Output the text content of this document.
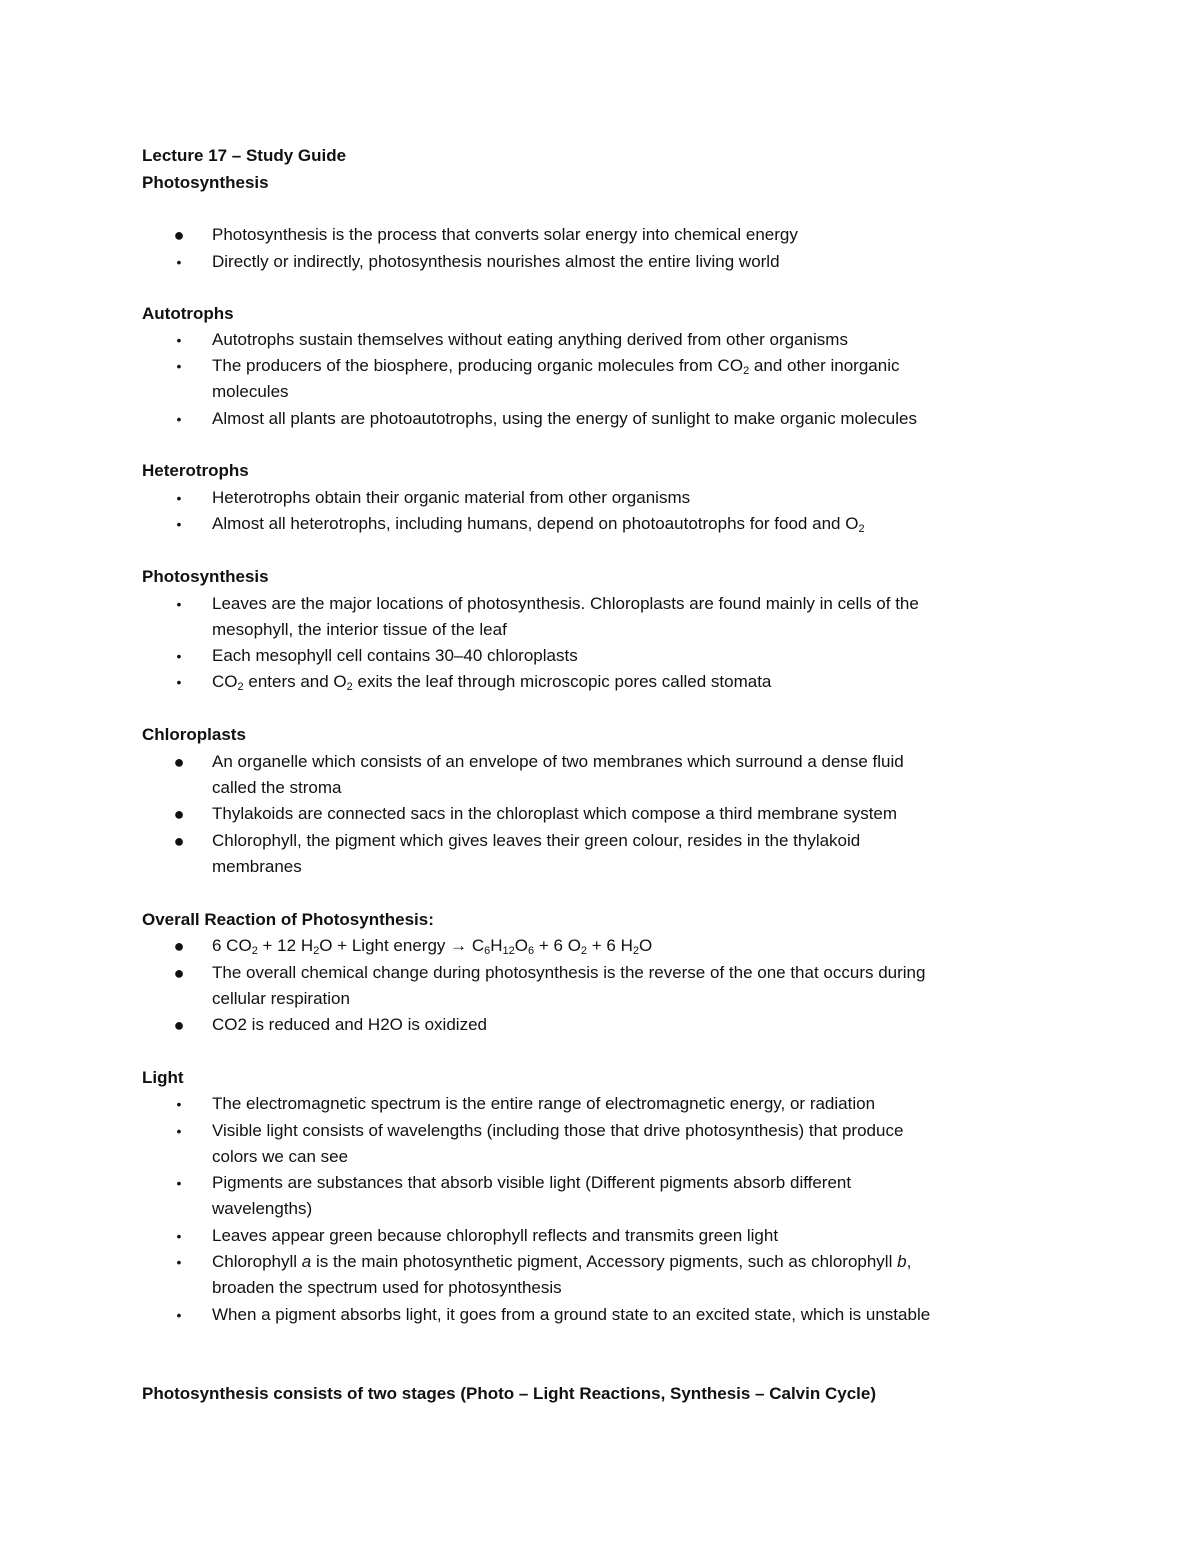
Lecture 17 – Study Guide
Photosynthesis
● Photosynthesis is the process that converts solar energy into chemical energy
• Directly or indirectly, photosynthesis nourishes almost the entire living world
Autotrophs
• Autotrophs sustain themselves without eating anything derived from other organisms
• The producers of the biosphere, producing organic molecules from $CO_2$ and other inorganic
molecules
• Almost all plants are photoautotrophs, using the energy of sunlight to make organic molecules
Heterotrophs
• Heterotrophs obtain their organic material from other organisms
• Almost all heterotrophs, including humans, depend on photoautotrophs for food and $O_2$
Photosynthesis
• Leaves are the major locations of photosynthesis. Chloroplasts are found mainly in cells of the
mesophyll, the interior tissue of the leaf
• Each mesophyll cell contains 30–40 chloroplasts
• $CO_2$ enters and $O_2$ exits the leaf through microscopic pores called stomata
Chloroplasts
● An organelle which consists of an envelope of two membranes which surround a dense fluid
called the stroma
● Thylakoids are connected sacs in the chloroplast which compose a third membrane system
● Chlorophyll, the pigment which gives leaves their green colour, resides in the thylakoid
membranes
Overall Reaction of Photosynthesis:
● 6 $CO_2 + 12$ $H_2O$ + Light energy → $C_6H_{12}O_6 + 6$ $O_2 + 6$ $H_2O$
● The overall chemical change during photosynthesis is the reverse of the one that occurs during
cellular respiration
● CO2 is reduced and H2O is oxidized
Light
• The electromagnetic spectrum is the entire range of electromagnetic energy, or radiation
• Visible light consists of wavelengths (including those that drive photosynthesis) that produce
colors we can see
• Pigments are substances that absorb visible light (Different pigments absorb different
wavelengths)
• Leaves appear green because chlorophyll reflects and transmits green light
• Chlorophyll a is the main photosynthetic pigment, Accessory pigments, such as chlorophyll b,
broaden the spectrum used for photosynthesis
• When a pigment absorbs light, it goes from a ground state to an excited state, which is unstable
Photosynthesis consists of two stages (Photo – Light Reactions, Synthesis – Calvin Cycle)
